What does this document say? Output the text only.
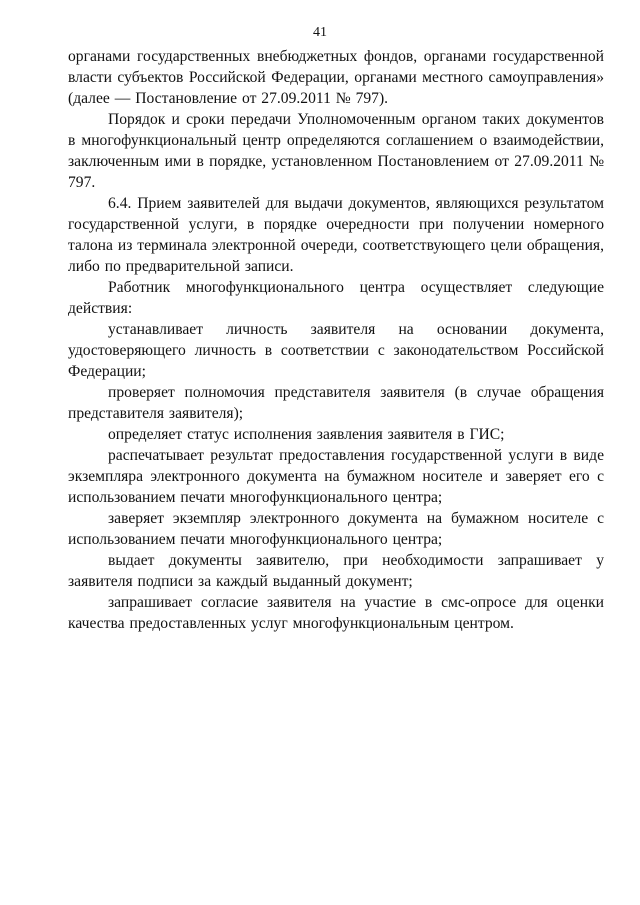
41

органами государственных внебюджетных фондов, органами государственной власти субъектов Российской Федерации, органами местного самоуправления» (далее — Постановление от 27.09.2011 № 797).

Порядок и сроки передачи Уполномоченным органом таких документов в многофункциональный центр определяются соглашением о взаимодействии, заключенным ими в порядке, установленном Постановлением от 27.09.2011 № 797.

6.4. Прием заявителей для выдачи документов, являющихся результатом государственной услуги, в порядке очередности при получении номерного талона из терминала электронной очереди, соответствующего цели обращения, либо по предварительной записи.

Работник многофункционального центра осуществляет следующие действия:

устанавливает личность заявителя на основании документа, удостоверяющего личность в соответствии с законодательством Российской Федерации;

проверяет полномочия представителя заявителя (в случае обращения представителя заявителя);

определяет статус исполнения заявления заявителя в ГИС;

распечатывает результат предоставления государственной услуги в виде экземпляра электронного документа на бумажном носителе и заверяет его с использованием печати многофункционального центра;

заверяет экземпляр электронного документа на бумажном носителе с использованием печати многофункционального центра;

выдает документы заявителю, при необходимости запрашивает у заявителя подписи за каждый выданный документ;

запрашивает согласие заявителя на участие в смс-опросе для оценки качества предоставленных услуг многофункциональным центром.
